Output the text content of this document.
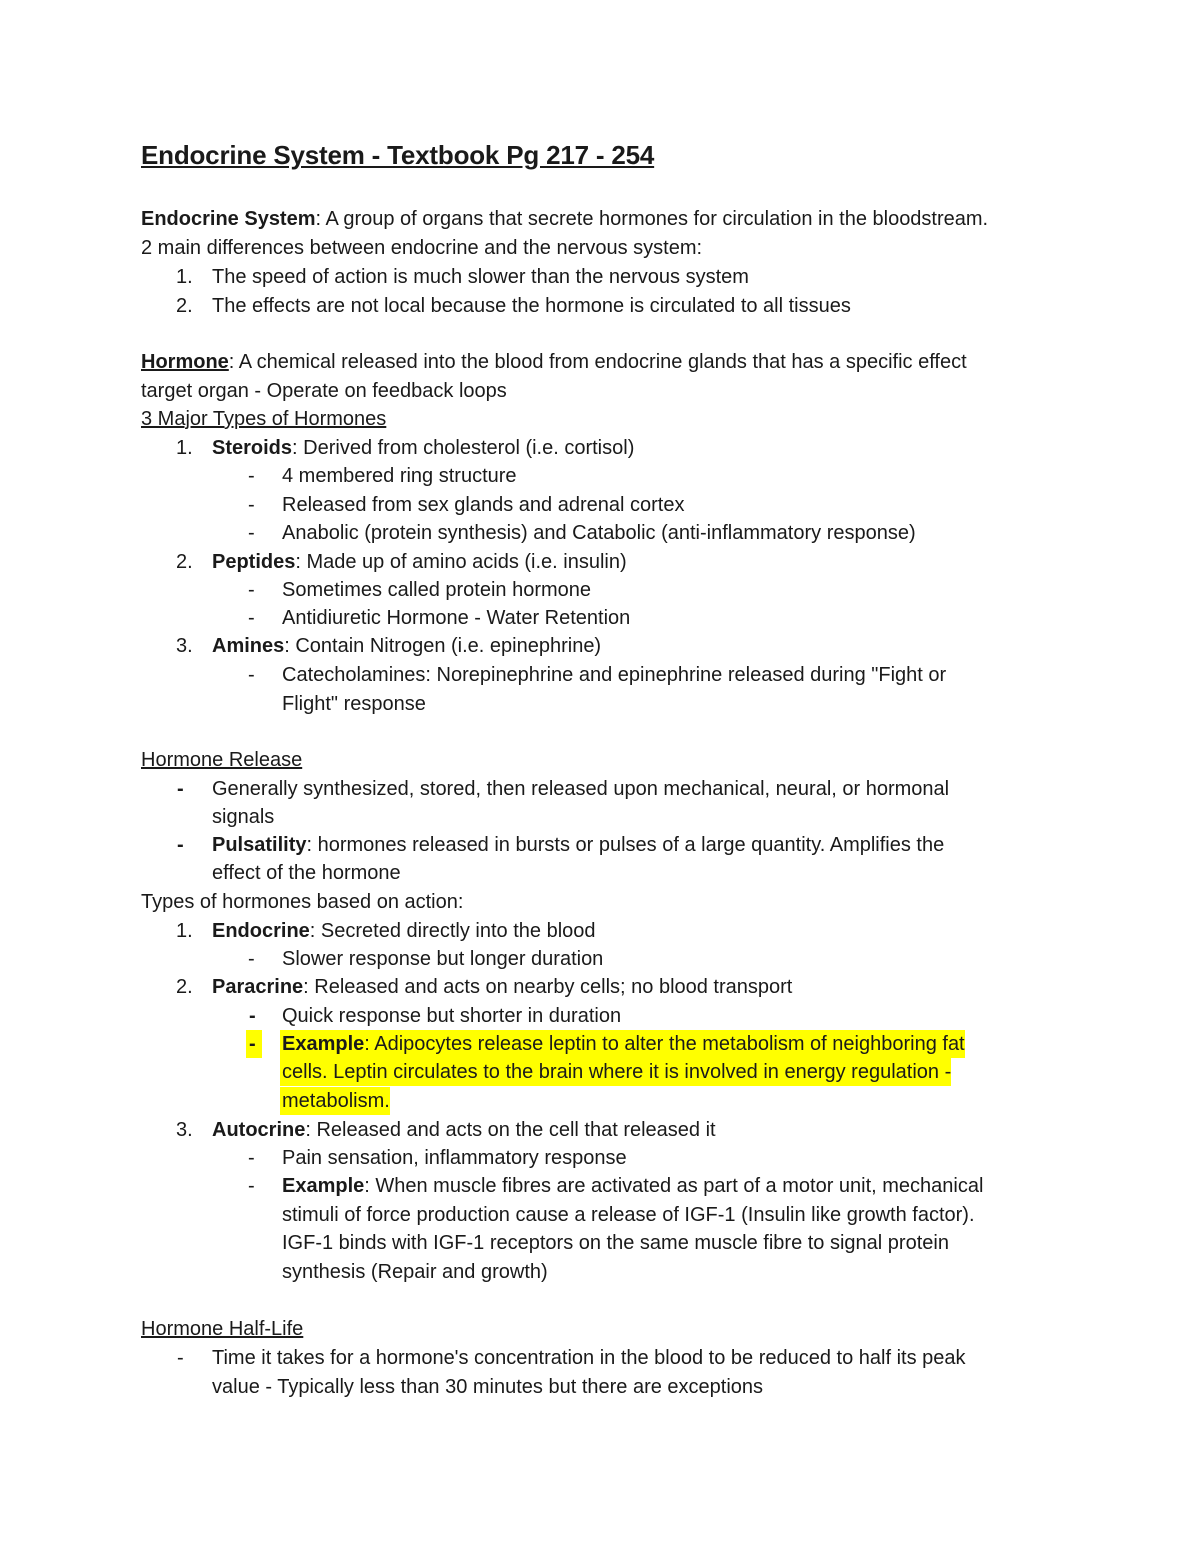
Endocrine System - Textbook Pg 217 - 254
Endocrine System: A group of organs that secrete hormones for circulation in the bloodstream.
2 main differences between endocrine and the nervous system:
1. The speed of action is much slower than the nervous system
2. The effects are not local because the hormone is circulated to all tissues
Hormone: A chemical released into the blood from endocrine glands that has a specific effect
target organ - Operate on feedback loops
3 Major Types of Hormones
1. Steroids: Derived from cholesterol (i.e. cortisol)
- 4 membered ring structure
- Released from sex glands and adrenal cortex
- Anabolic (protein synthesis) and Catabolic (anti-inflammatory response)
2. Peptides: Made up of amino acids (i.e. insulin)
- Sometimes called protein hormone
- Antidiuretic Hormone - Water Retention
3. Amines: Contain Nitrogen (i.e. epinephrine)
- Catecholamines: Norepinephrine and epinephrine released during "Fight or
Flight" response
Hormone Release
- Generally synthesized, stored, then released upon mechanical, neural, or hormonal
signals
- Pulsatility: hormones released in bursts or pulses of a large quantity. Amplifies the
effect of the hormone
Types of hormones based on action:
1. Endocrine: Secreted directly into the blood
- Slower response but longer duration
2. Paracrine: Released and acts on nearby cells; no blood transport
- Quick response but shorter in duration
-	Example: Adipocytes release leptin to alter the metabolism of neighboring fat
cells. Leptin circulates to the brain where it is involved in energy regulation -
metabolism.
3. Autocrine: Released and acts on the cell that released it
- Pain sensation, inflammatory response
- Example: When muscle fibres are activated as part of a motor unit, mechanical
stimuli of force production cause a release of IGF-1 (Insulin like growth factor).
IGF-1 binds with IGF-1 receptors on the same muscle fibre to signal protein
synthesis (Repair and growth)
Hormone Half-Life
- Time it takes for a hormone's concentration in the blood to be reduced to half its peak
value - Typically less than 30 minutes but there are exceptions
